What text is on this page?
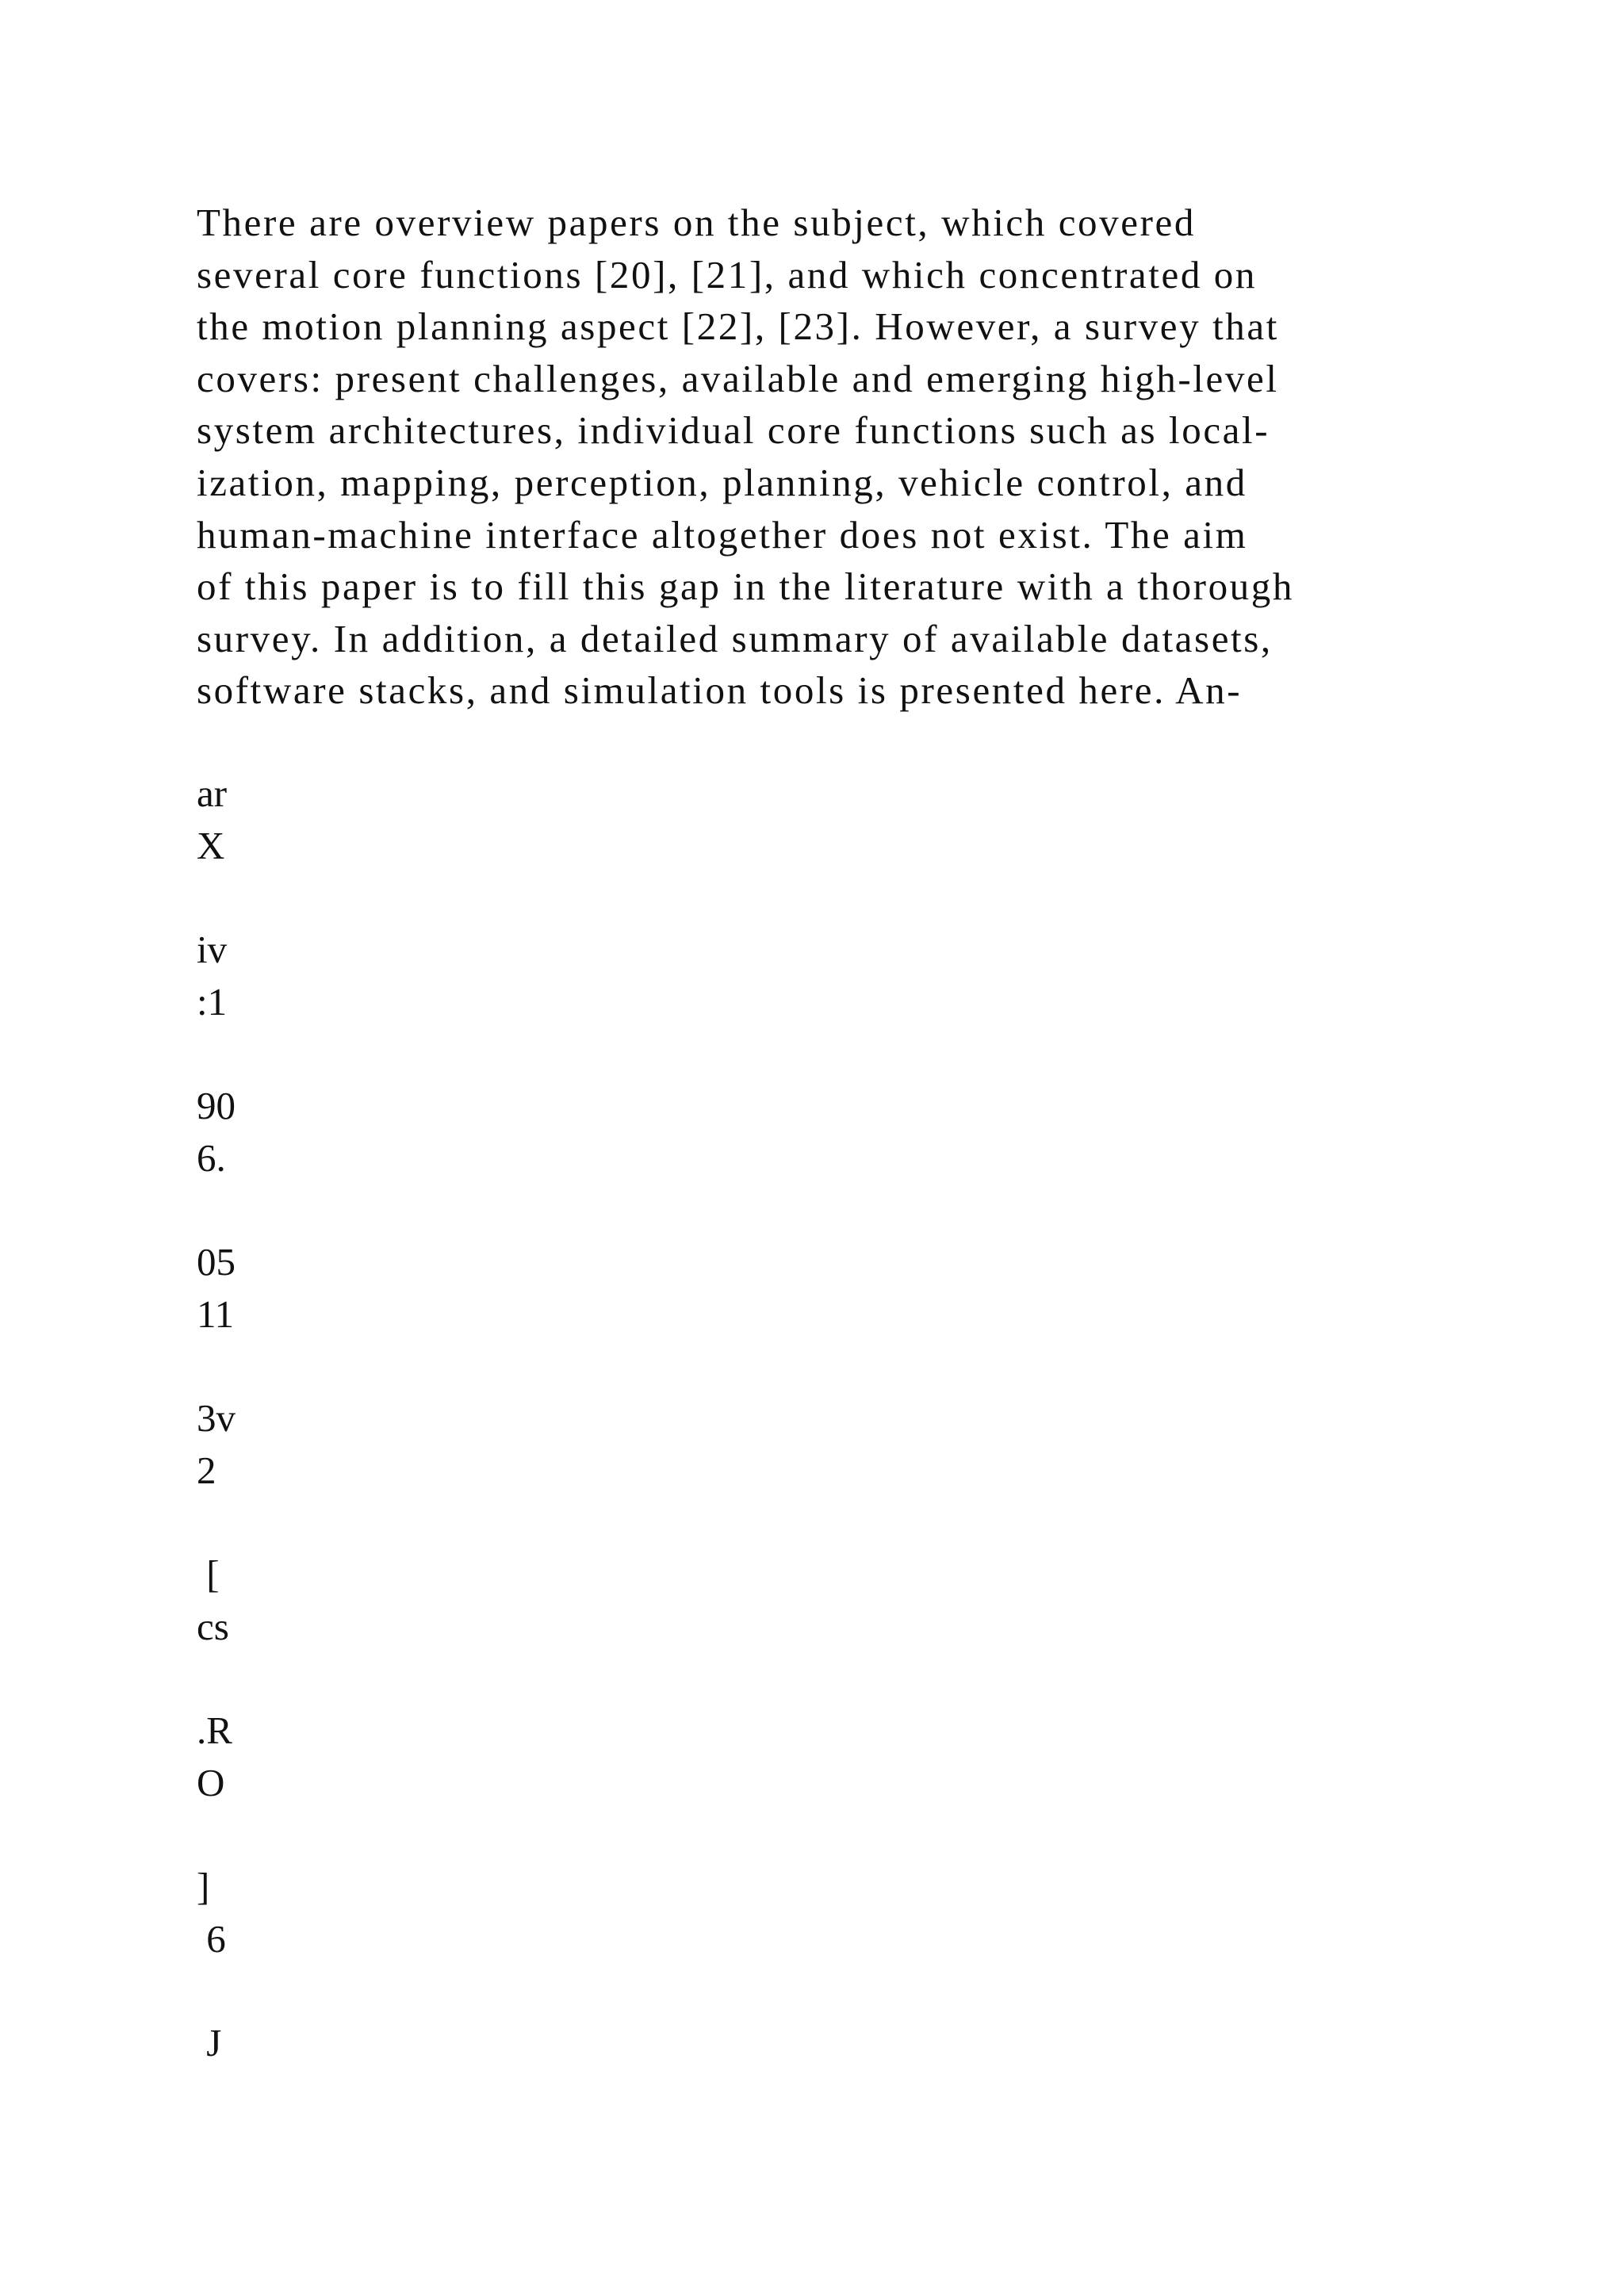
There are overview papers on the subject, which covered
several core functions [20], [21], and which concentrated on
the motion planning aspect [22], [23]. However, a survey that
covers: present challenges, available and emerging high-level
system architectures, individual core functions such as local-
ization, mapping, perception, planning, vehicle control, and
human-machine interface altogether does not exist. The aim
of this paper is to fill this gap in the literature with a thorough
survey. In addition, a detailed summary of available datasets,
software stacks, and simulation tools is presented here. An-

ar
X
iv
:1
90
6.
05
11
3v
2
[
cs
.R
O
]
6
J
